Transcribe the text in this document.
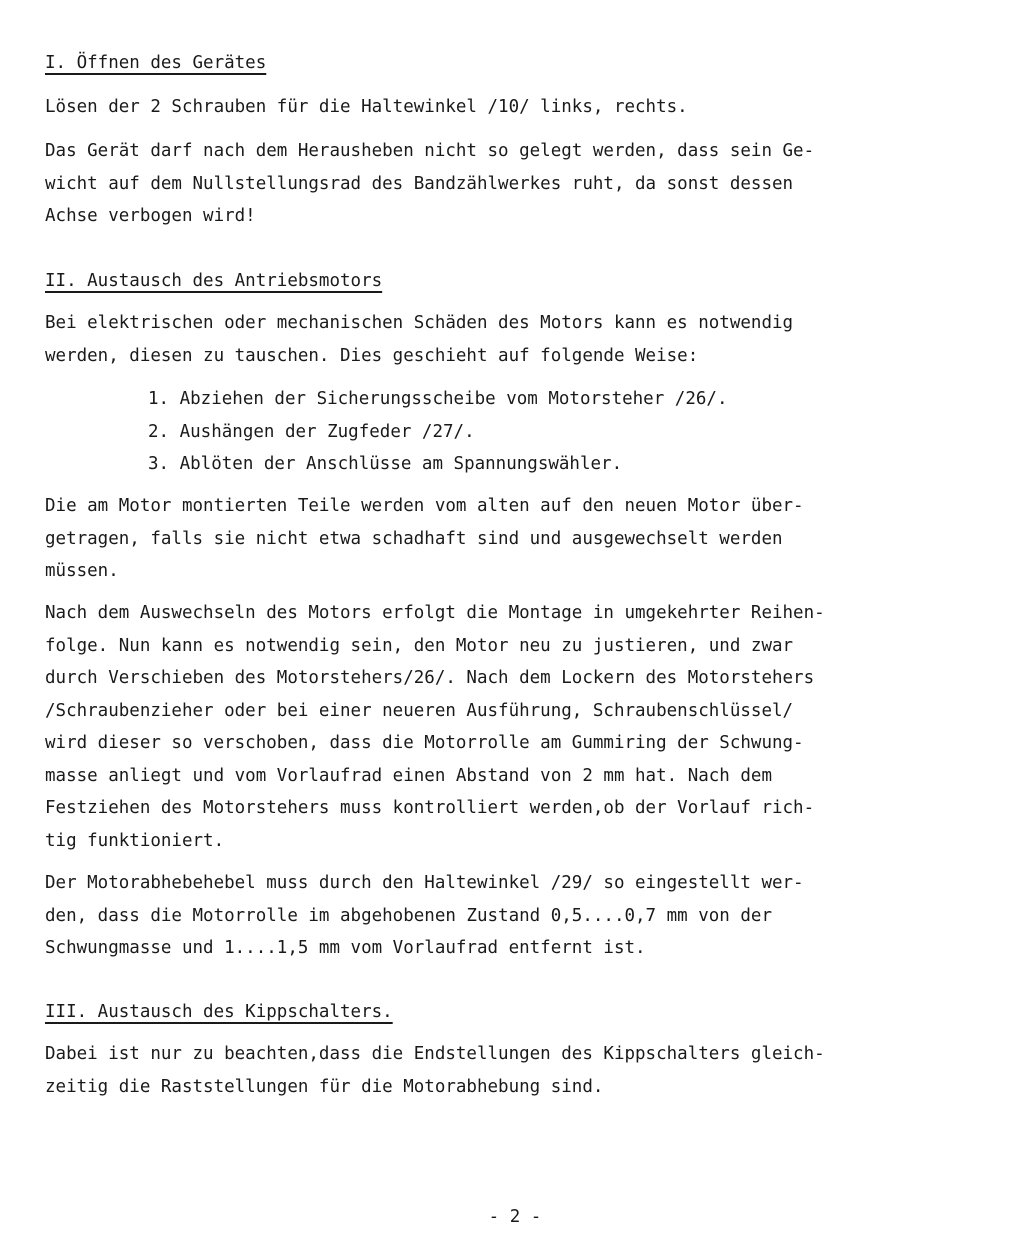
I. Öffnen des Gerätes
Lösen der 2 Schrauben für die Haltewinkel /10/ links, rechts.
Das Gerät darf nach dem Herausheben nicht so gelegt werden, dass sein Ge-
wicht auf dem Nullstellungsrad des Bandzählwerkes ruht, da sonst dessen
Achse verbogen wird!
II. Austausch des Antriebsmotors
Bei elektrischen oder mechanischen Schäden des Motors kann es notwendig
werden, diesen zu tauschen. Dies geschieht auf folgende Weise:
1. Abziehen der Sicherungsscheibe vom Motorsteher /26/.
2. Aushängen der Zugfeder /27/.
3. Ablöten der Anschlüsse am Spannungswähler.
Die am Motor montierten Teile werden vom alten auf den neuen Motor über-
getragen, falls sie nicht etwa schadhaft sind und ausgewechselt werden
müssen.
Nach dem Auswechseln des Motors erfolgt die Montage in umgekehrter Reihen-
folge. Nun kann es notwendig sein, den Motor neu zu justieren, und zwar
durch Verschieben des Motorstehers/26/. Nach dem Lockern des Motorstehers
/Schraubenzieher oder bei einer neueren Ausführung, Schraubenschlüssel/
wird dieser so verschoben, dass die Motorrolle am Gummiring der Schwung-
masse anliegt und vom Vorlaufrad einen Abstand von 2 mm hat. Nach dem
Festziehen des Motorstehers muss kontrolliert werden,ob der Vorlauf rich-
tig funktioniert.
Der Motorabhebehebel muss durch den Haltewinkel /29/ so eingestellt wer-
den, dass die Motorrolle im abgehobenen Zustand 0,5....0,7 mm von der
Schwungmasse und 1....1,5 mm vom Vorlaufrad entfernt ist.
III. Austausch des Kippschalters.
Dabei ist nur zu beachten,dass die Endstellungen des Kippschalters gleich-
zeitig die Raststellungen für die Motorabhebung sind.
- 2 -
